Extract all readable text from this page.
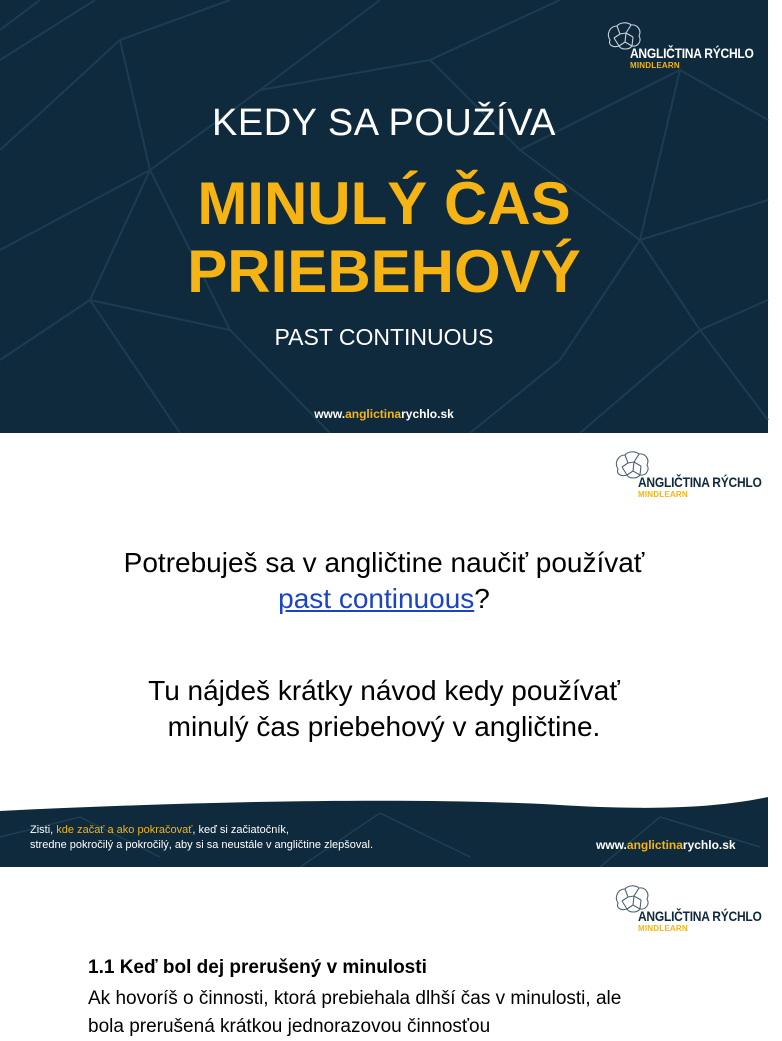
ANGLIČTINA RÝCHLO
MINDLEARN
KEDY SA POUŽÍVA
MINULÝ ČAS
PRIEBEHOVÝ
PAST CONTINUOUS
www.anglictinarychlo.sk
ANGLIČTINA RÝCHLO
MINDLEARN
Potrebuješ sa v angličtine naučiť používať
past continuous?
Tu nájdeš krátky návod kedy používať
minulý čas priebehový v angličtine.
Zisti, kde začať a ako pokračovať, keď si začiatočník,
stredne pokročilý a pokročilý, aby si sa neustále v angličtine zlepšoval.	www.anglictinarychlo.sk
ANGLIČTINA RÝCHLO
MINDLEARN
1.1 Keď bol dej prerušený v minulosti
Ak hovoríš o činnosti, ktorá prebiehala dlhší čas v minulosti, ale
bola prerušená krátkou jednorazovou činnosťou
